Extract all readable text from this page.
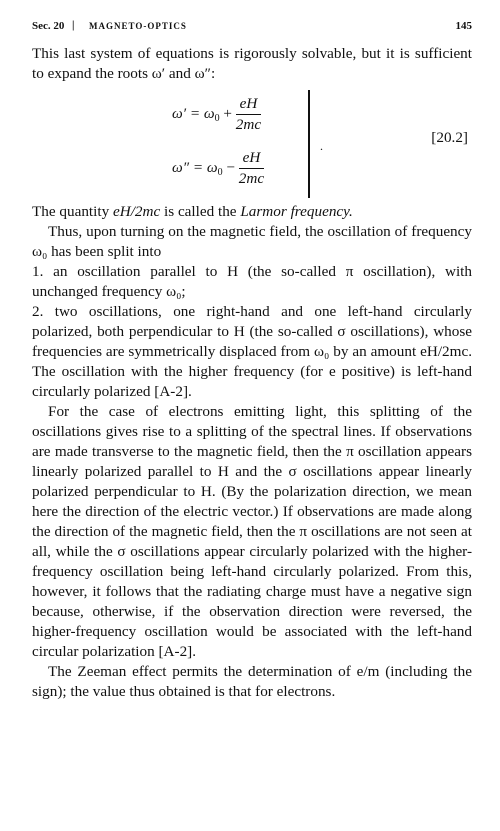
Sec. 20 | MAGNETO-OPTICS	145

This last system of equations is rigorously solvable, but it is sufficient to expand the roots ω′ and ω″:

$\omega' = \omega_0 + \frac{eH}{2mc}$
$\omega'' = \omega_0 - \frac{eH}{2mc}$
.	[20.2]

The quantity eH/2mc is called the Larmor frequency.

Thus, upon turning on the magnetic field, the oscillation of frequency ω₀ has been split into

1. an oscillation parallel to H (the so-called π oscillation), with unchanged frequency ω₀;

2. two oscillations, one right-hand and one left-hand circularly polarized, both perpendicular to H (the so-called σ oscillations), whose frequencies are symmetrically displaced from ω₀ by an amount eH/2mc. The oscillation with the higher frequency (for e positive) is left-hand circularly polarized [A-2].

For the case of electrons emitting light, this splitting of the oscillations gives rise to a splitting of the spectral lines. If observations are made transverse to the magnetic field, then the π oscillation appears linearly polarized parallel to H and the σ oscillations appear linearly polarized perpendicular to H. (By the polarization direction, we mean here the direction of the electric vector.) If observations are made along the direction of the magnetic field, then the π oscillations are not seen at all, while the σ oscillations appear circularly polarized with the higher-frequency oscillation being left-hand circularly polarized. From this, however, it follows that the radiating charge must have a negative sign because, otherwise, if the observation direction were reversed, the higher-frequency oscillation would be associated with the left-hand circular polarization [A-2].

The Zeeman effect permits the determination of e/m (including the sign); the value thus obtained is that for electrons.
